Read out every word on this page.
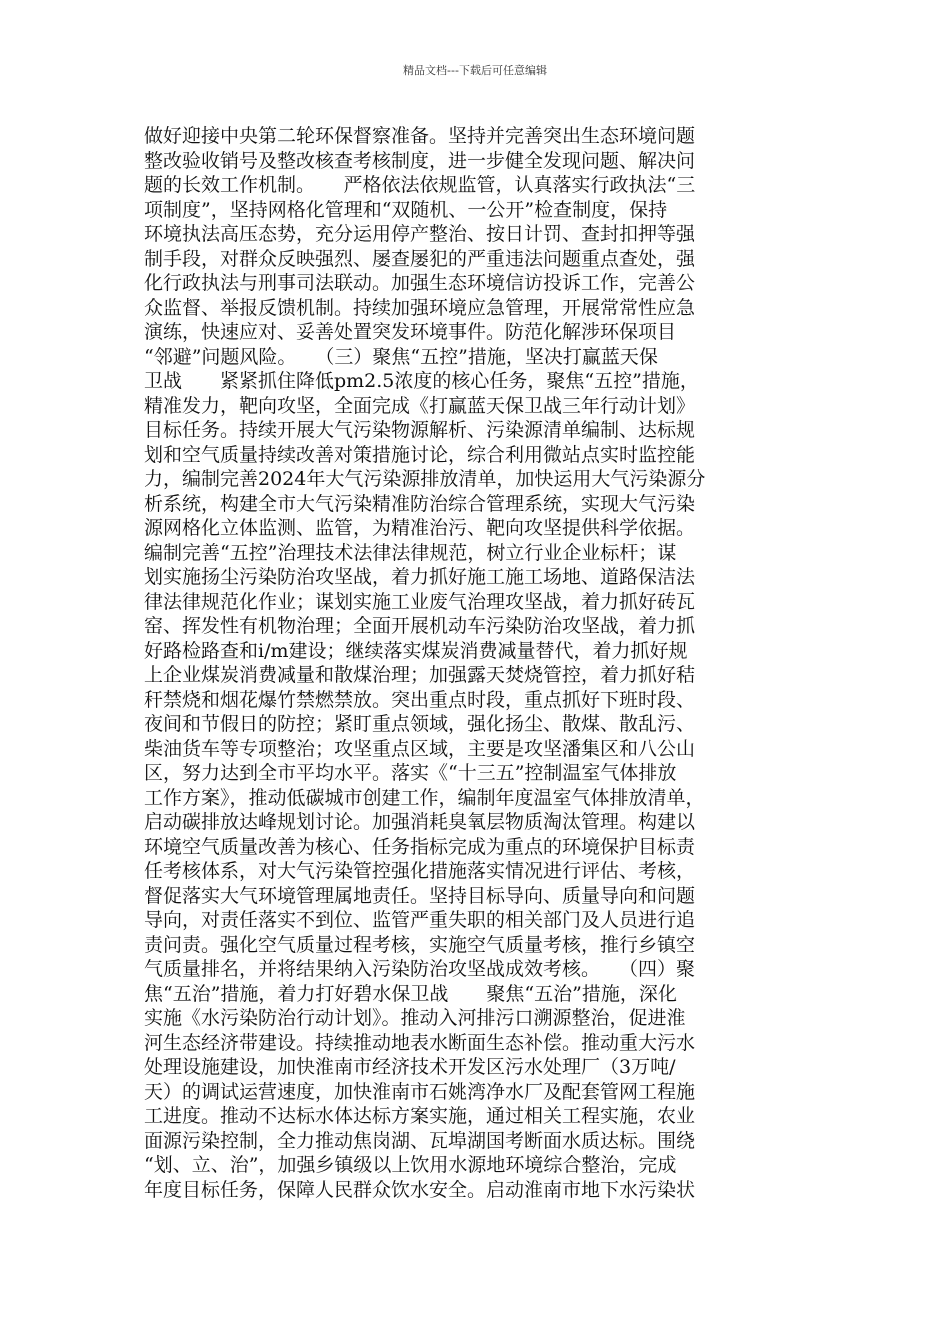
精品文档---下载后可任意编辑
做好迎接中央第二轮环保督察准备。坚持并完善突出生态环境问题
整改验收销号及整改核查考核制度，进一步健全发现问题、解决问
题的长效工作机制。　　严格依法依规监管，认真落实行政执法“三
项制度”，坚持网格化管理和“双随机、一公开”检查制度，保持
环境执法高压态势，充分运用停产整治、按日计罚、查封扣押等强
制手段，对群众反映强烈、屡查屡犯的严重违法问题重点查处，强
化行政执法与刑事司法联动。加强生态环境信访投诉工作，完善公
众监督、举报反馈机制。持续加强环境应急管理，开展常常性应急
演练，快速应对、妥善处置突发环境事件。防范化解涉环保项目
“邻避”问题风险。　　（三）聚焦“五控”措施，坚决打赢蓝天保
卫战　　紧紧抓住降低pm2.5浓度的核心任务，聚焦“五控”措施，
精准发力，靶向攻坚，全面完成《打赢蓝天保卫战三年行动计划》
目标任务。持续开展大气污染物源解析、污染源清单编制、达标规
划和空气质量持续改善对策措施讨论，综合利用微站点实时监控能
力，编制完善2024年大气污染源排放清单，加快运用大气污染源分
析系统，构建全市大气污染精准防治综合管理系统，实现大气污染
源网格化立体监测、监管，为精准治污、靶向攻坚提供科学依据。
编制完善“五控”治理技术法律法律规范，树立行业企业标杆；谋
划实施扬尘污染防治攻坚战，着力抓好施工施工场地、道路保洁法
律法律规范化作业；谋划实施工业废气治理攻坚战，着力抓好砖瓦
窑、挥发性有机物治理；全面开展机动车污染防治攻坚战，着力抓
好路检路查和i/m建设；继续落实煤炭消费减量替代，着力抓好规
上企业煤炭消费减量和散煤治理；加强露天焚烧管控，着力抓好秸
秆禁烧和烟花爆竹禁燃禁放。突出重点时段，重点抓好下班时段、
夜间和节假日的防控；紧盯重点领域，强化扬尘、散煤、散乱污、
柴油货车等专项整治；攻坚重点区域，主要是攻坚潘集区和八公山
区，努力达到全市平均水平。落实《“十三五”控制温室气体排放
工作方案》，推动低碳城市创建工作，编制年度温室气体排放清单，
启动碳排放达峰规划讨论。加强消耗臭氧层物质淘汰管理。构建以
环境空气质量改善为核心、任务指标完成为重点的环境保护目标责
任考核体系，对大气污染管控强化措施落实情况进行评估、考核，
督促落实大气环境管理属地责任。坚持目标导向、质量导向和问题
导向，对责任落实不到位、监管严重失职的相关部门及人员进行追
责问责。强化空气质量过程考核，实施空气质量考核，推行乡镇空
气质量排名，并将结果纳入污染防治攻坚战成效考核。　　（四）聚
焦“五治”措施，着力打好碧水保卫战　　聚焦“五治”措施，深化
实施《水污染防治行动计划》。推动入河排污口溯源整治，促进淮
河生态经济带建设。持续推动地表水断面生态补偿。推动重大污水
处理设施建设，加快淮南市经济技术开发区污水处理厂（3万吨/
天）的调试运营速度，加快淮南市石姚湾净水厂及配套管网工程施
工进度。推动不达标水体达标方案实施，通过相关工程实施，农业
面源污染控制，全力推动焦岗湖、瓦埠湖国考断面水质达标。围绕
“划、立、治”，加强乡镇级以上饮用水源地环境综合整治，完成
年度目标任务，保障人民群众饮水安全。启动淮南市地下水污染状
